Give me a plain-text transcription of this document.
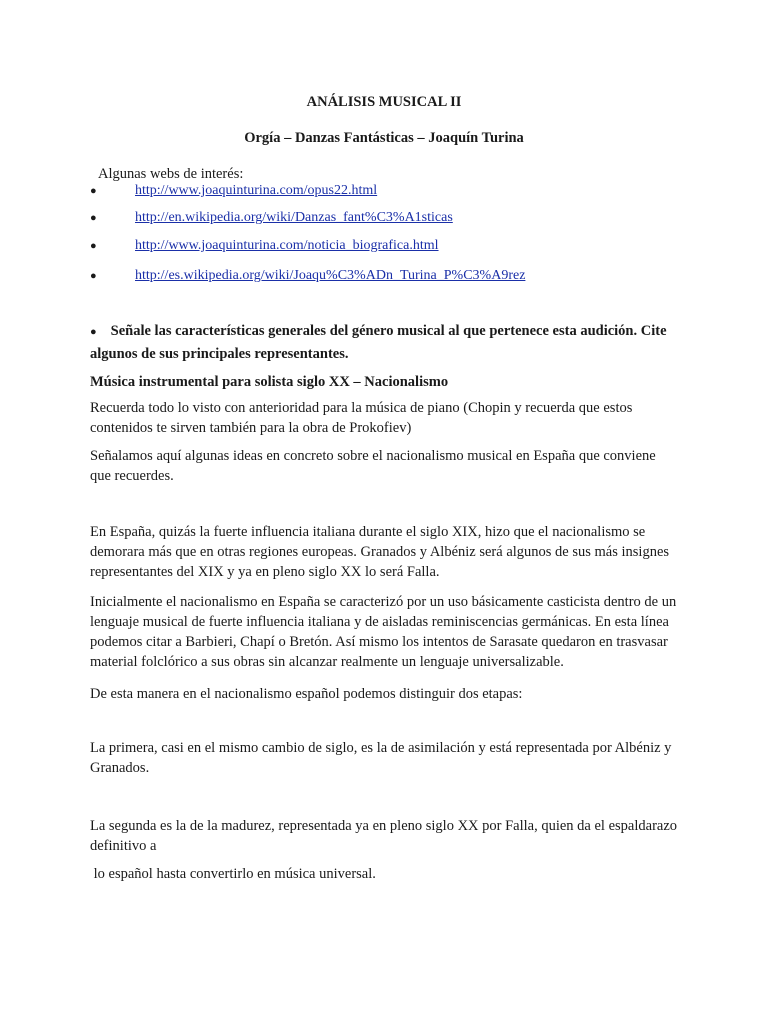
ANÁLISIS MUSICAL II
Orgía – Danzas Fantásticas – Joaquín Turina
Algunas webs de interés:
●	http://www.joaquinturina.com/opus22.html
●	http://en.wikipedia.org/wiki/Danzas_fant%C3%A1sticas
●	http://www.joaquinturina.com/noticia_biografica.html
●	http://es.wikipedia.org/wiki/Joaqu%C3%ADn_Turina_P%C3%A9rez
● Señale las características generales del género musical al que pertenece esta audición. Cite algunos de sus principales representantes.

Música instrumental para solista siglo XX – Nacionalismo

Recuerda todo lo visto con anterioridad para la música de piano (Chopin y recuerda que estos contenidos te sirven también para la obra de Prokofiev)

Señalamos aquí algunas ideas en concreto sobre el nacionalismo musical en España que conviene que recuerdes.

En España, quizás la fuerte influencia italiana durante el siglo XIX, hizo que el nacionalismo se demorara más que en otras regiones europeas. Granados y Albéniz será algunos de sus más insignes representantes del XIX y ya en pleno siglo XX lo será Falla.

Inicialmente el nacionalismo en España se caracterizó por un uso básicamente casticista dentro de un lenguaje musical de fuerte influencia italiana y de aisladas reminiscencias germánicas. En esta línea podemos citar a Barbieri, Chapí o Bretón. Así mismo los intentos de Sarasate quedaron en trasvasar material folclórico a sus obras sin alcanzar realmente un lenguaje universalizable.

De esta manera en el nacionalismo español podemos distinguir dos etapas:

La primera, casi en el mismo cambio de siglo, es la de asimilación y está representada por Albéniz y Granados.

La segunda es la de la madurez, representada ya en pleno siglo XX por Falla, quien da el espaldarazo definitivo a

lo español hasta convertirlo en música universal.
